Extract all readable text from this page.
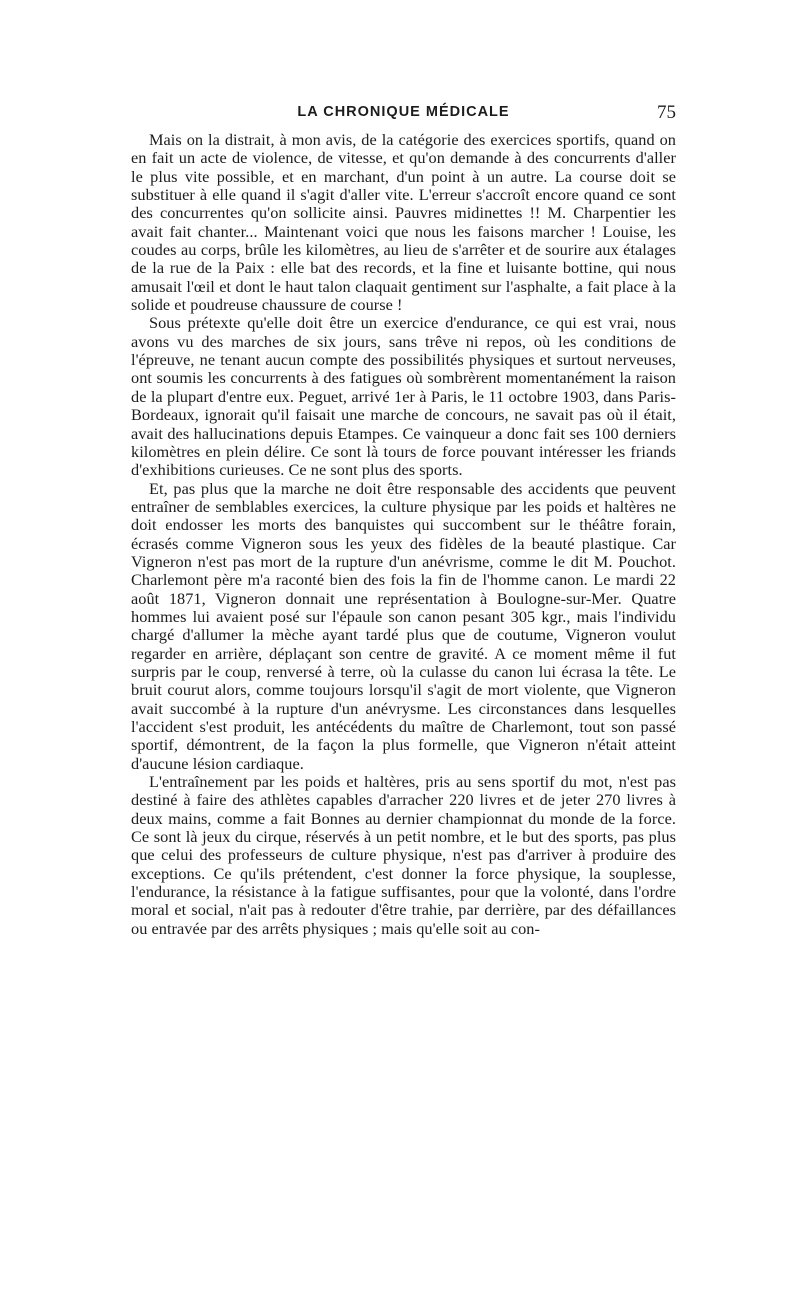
LA CHRONIQUE MÉDICALE	75

Mais on la distrait, à mon avis, de la catégorie des exercices sportifs, quand on en fait un acte de violence, de vitesse, et qu'on demande à des concurrents d'aller le plus vite possible, et en marchant, d'un point à un autre. La course doit se substituer à elle quand il s'agit d'aller vite. L'erreur s'accroît encore quand ce sont des concurrentes qu'on sollicite ainsi. Pauvres midinettes !! M. Charpentier les avait fait chanter... Maintenant voici que nous les faisons marcher ! Louise, les coudes au corps, brûle les kilomètres, au lieu de s'arrêter et de sourire aux étalages de la rue de la Paix : elle bat des records, et la fine et luisante bottine, qui nous amusait l'œil et dont le haut talon claquait gentiment sur l'asphalte, a fait place à la solide et poudreuse chaussure de course !

Sous prétexte qu'elle doit être un exercice d'endurance, ce qui est vrai, nous avons vu des marches de six jours, sans trêve ni repos, où les conditions de l'épreuve, ne tenant aucun compte des possibilités physiques et surtout nerveuses, ont soumis les concurrents à des fatigues où sombrèrent momentanément la raison de la plupart d'entre eux. Peguet, arrivé 1er à Paris, le 11 octobre 1903, dans Paris-Bordeaux, ignorait qu'il faisait une marche de concours, ne savait pas où il était, avait des hallucinations depuis Etampes. Ce vainqueur a donc fait ses 100 derniers kilomètres en plein délire. Ce sont là tours de force pouvant intéresser les friands d'exhibitions curieuses. Ce ne sont plus des sports.

Et, pas plus que la marche ne doit être responsable des accidents que peuvent entraîner de semblables exercices, la culture physique par les poids et haltères ne doit endosser les morts des banquistes qui succombent sur le théâtre forain, écrasés comme Vigneron sous les yeux des fidèles de la beauté plastique. Car Vigneron n'est pas mort de la rupture d'un anévrisme, comme le dit M. Pouchot. Charlemont père m'a raconté bien des fois la fin de l'homme canon. Le mardi 22 août 1871, Vigneron donnait une représentation à Boulogne-sur-Mer. Quatre hommes lui avaient posé sur l'épaule son canon pesant 305 kgr., mais l'individu chargé d'allumer la mèche ayant tardé plus que de coutume, Vigneron voulut regarder en arrière, déplaçant son centre de gravité. A ce moment même il fut surpris par le coup, renversé à terre, où la culasse du canon lui écrasa la tête. Le bruit courut alors, comme toujours lorsqu'il s'agit de mort violente, que Vigneron avait succombé à la rupture d'un anévrysme. Les circonstances dans lesquelles l'accident s'est produit, les antécédents du maître de Charlemont, tout son passé sportif, démontrent, de la façon la plus formelle, que Vigneron n'était atteint d'aucune lésion cardiaque.

L'entraînement par les poids et haltères, pris au sens sportif du mot, n'est pas destiné à faire des athlètes capables d'arracher 220 livres et de jeter 270 livres à deux mains, comme a fait Bonnes au dernier championnat du monde de la force. Ce sont là jeux du cirque, réservés à un petit nombre, et le but des sports, pas plus que celui des professeurs de culture physique, n'est pas d'arriver à produire des exceptions. Ce qu'ils prétendent, c'est donner la force physique, la souplesse, l'endurance, la résistance à la fatigue suffisantes, pour que la volonté, dans l'ordre moral et social, n'ait pas à redouter d'être trahie, par derrière, par des défaillances ou entravée par des arrêts physiques ; mais qu'elle soit au con-
